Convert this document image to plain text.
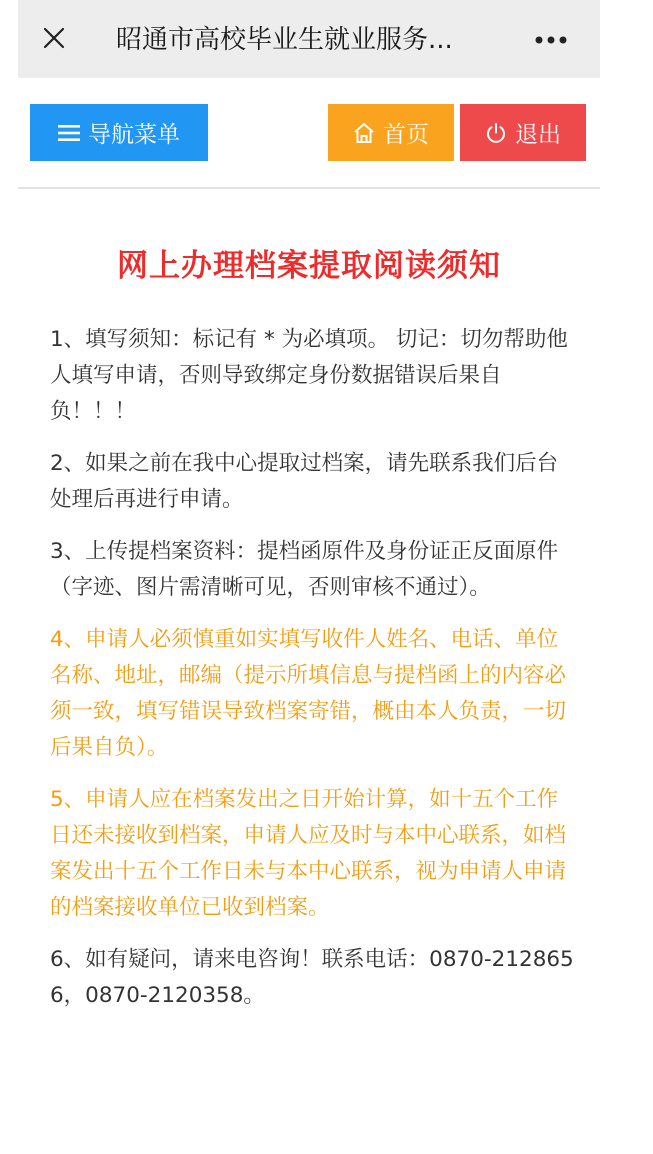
昭通市高校毕业生就业服务...
导航菜单	首页	退出
网上办理档案提取阅读须知
1、填写须知：标记有 * 为必填项。 切记：切勿帮助他人填写申请，否则导致绑定身份数据错误后果自负！！！
2、如果之前在我中心提取过档案，请先联系我们后台处理后再进行申请。
3、上传提档案资料：提档函原件及身份证正反面原件（字迹、图片需清晰可见，否则审核不通过）。
4、申请人必须慎重如实填写收件人姓名、电话、单位名称、地址，邮编（提示所填信息与提档函上的内容必须一致，填写错误导致档案寄错，概由本人负责，一切后果自负）。
5、申请人应在档案发出之日开始计算，如十五个工作日还未接收到档案，申请人应及时与本中心联系，如档案发出十五个工作日未与本中心联系，视为申请人申请的档案接收单位已收到档案。
6、如有疑问，请来电咨询！联系电话：0870-2128656，0870-2120358。
